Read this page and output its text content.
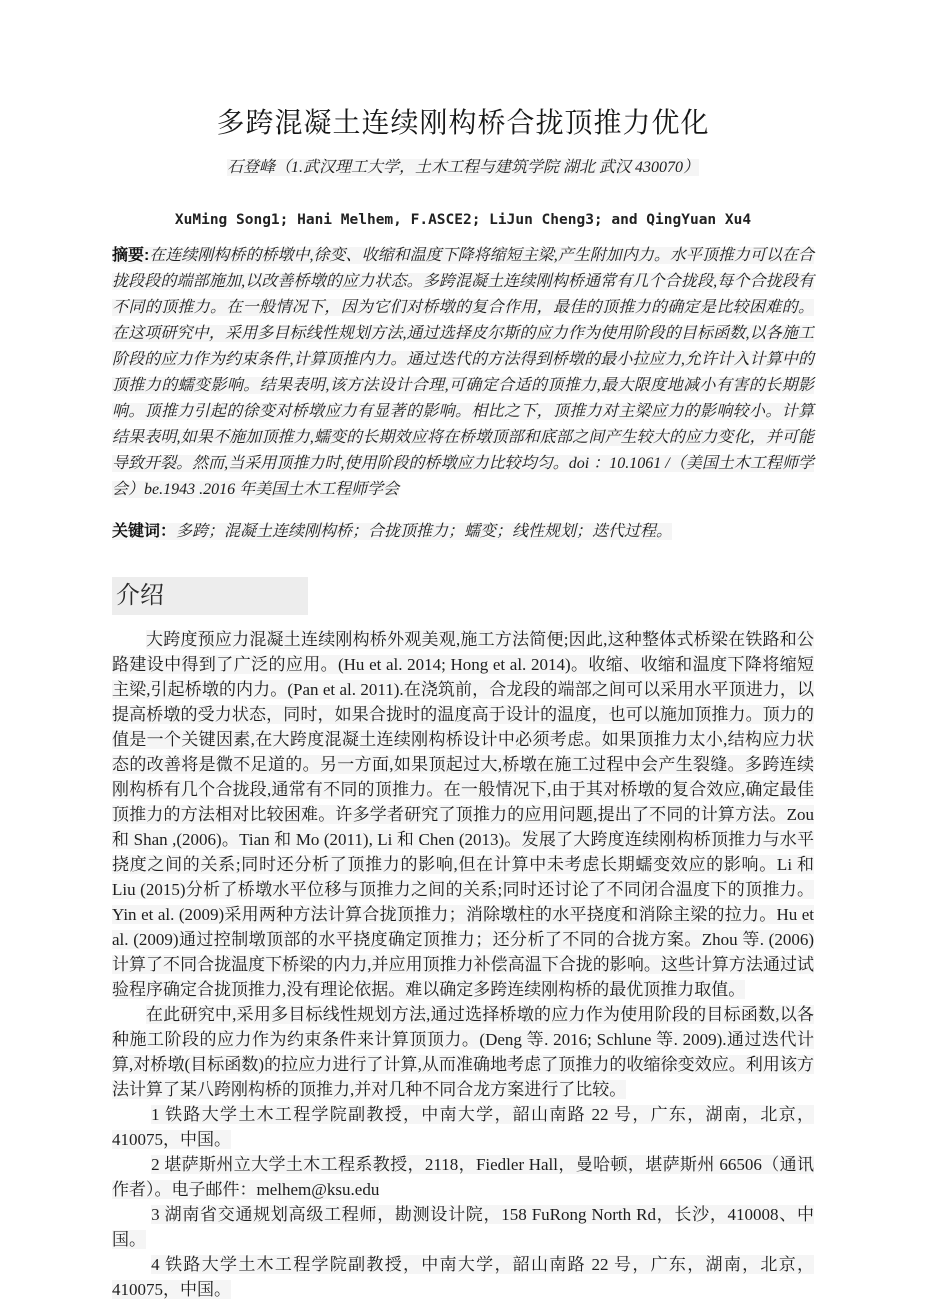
多跨混凝土连续刚构桥合拢顶推力优化
石登峰（1.武汉理工大学，土木工程与建筑学院 湖北 武汉 430070）
XuMing Song1; Hani Melhem, F.ASCE2; LiJun Cheng3; and QingYuan Xu4

摘要:在连续刚构桥的桥墩中,徐变、收缩和温度下降将缩短主梁,产生附加内力。水平顶推力可以在合拢段段的端部施加,以改善桥墩的应力状态。多跨混凝土连续刚构桥通常有几个合拢段,每个合拢段有不同的顶推力。在一般情况下，因为它们对桥墩的复合作用，最佳的顶推力的确定是比较困难的。在这项研究中，采用多目标线性规划方法,通过选择皮尔斯的应力作为使用阶段的目标函数,以各施工阶段的应力作为约束条件,计算顶推内力。通过迭代的方法得到桥墩的最小拉应力,允许计入计算中的顶推力的蠕变影响。结果表明,该方法设计合理,可确定合适的顶推力,最大限度地减小有害的长期影响。顶推力引起的徐变对桥墩应力有显著的影响。相比之下，顶推力对主梁应力的影响较小。计算结果表明,如果不施加顶推力,蠕变的长期效应将在桥墩顶部和底部之间产生较大的应力变化，并可能导致开裂。然而,当采用顶推力时,使用阶段的桥墩应力比较均匀。doi ：10.1061 /（美国土木工程师学会）be.1943 .2016 年美国土木工程师学会

关键词：多跨；混凝土连续刚构桥；合拢顶推力；蠕变；线性规划；迭代过程。

介绍

大跨度预应力混凝土连续刚构桥外观美观,施工方法简便;因此,这种整体式桥梁在铁路和公路建设中得到了广泛的应用。(Hu et al. 2014; Hong et al. 2014)。收缩、收缩和温度下降将缩短主梁,引起桥墩的内力。(Pan et al. 2011).在浇筑前，合龙段的端部之间可以采用水平顶进力，以提高桥墩的受力状态，同时，如果合拢时的温度高于设计的温度，也可以施加顶推力。顶力的值是一个关键因素,在大跨度混凝土连续刚构桥设计中必须考虑。如果顶推力太小,结构应力状态的改善将是微不足道的。另一方面,如果顶起过大,桥墩在施工过程中会产生裂缝。多跨连续刚构桥有几个合拢段,通常有不同的顶推力。在一般情况下,由于其对桥墩的复合效应,确定最佳顶推力的方法相对比较困难。许多学者研究了顶推力的应用问题,提出了不同的计算方法。Zou 和 Shan ,(2006)。Tian 和 Mo (2011), Li 和 Chen (2013)。发展了大跨度连续刚构桥顶推力与水平挠度之间的关系;同时还分析了顶推力的影响,但在计算中未考虑长期蠕变效应的影响。Li 和 Liu (2015)分析了桥墩水平位移与顶推力之间的关系;同时还讨论了不同闭合温度下的顶推力。Yin et al. (2009)采用两种方法计算合拢顶推力；消除墩柱的水平挠度和消除主梁的拉力。Hu et al. (2009)通过控制墩顶部的水平挠度确定顶推力；还分析了不同的合拢方案。Zhou 等. (2006)计算了不同合拢温度下桥梁的内力,并应用顶推力补偿高温下合拢的影响。这些计算方法通过试验程序确定合拢顶推力,没有理论依据。难以确定多跨连续刚构桥的最优顶推力取值。

在此研究中,采用多目标线性规划方法,通过选择桥墩的应力作为使用阶段的目标函数,以各种施工阶段的应力作为约束条件来计算顶顶力。(Deng 等. 2016; Schlune 等. 2009).通过迭代计算,对桥墩(目标函数)的拉应力进行了计算,从而准确地考虑了顶推力的收缩徐变效应。利用该方法计算了某八跨刚构桥的顶推力,并对几种不同合龙方案进行了比较。

1 铁路大学土木工程学院副教授，中南大学，韶山南路 22 号，广东，湖南，北京，410075，中国。

2 堪萨斯州立大学土木工程系教授，2118，Fiedler Hall，曼哈顿，堪萨斯州 66506（通讯作者）。电子邮件：melhem@ksu.edu

3 湖南省交通规划高级工程师，勘测设计院，158 FuRong North Rd，长沙，410008、中国。

4 铁路大学土木工程学院副教授，中南大学，韶山南路 22 号，广东，湖南，北京，410075，中国。
